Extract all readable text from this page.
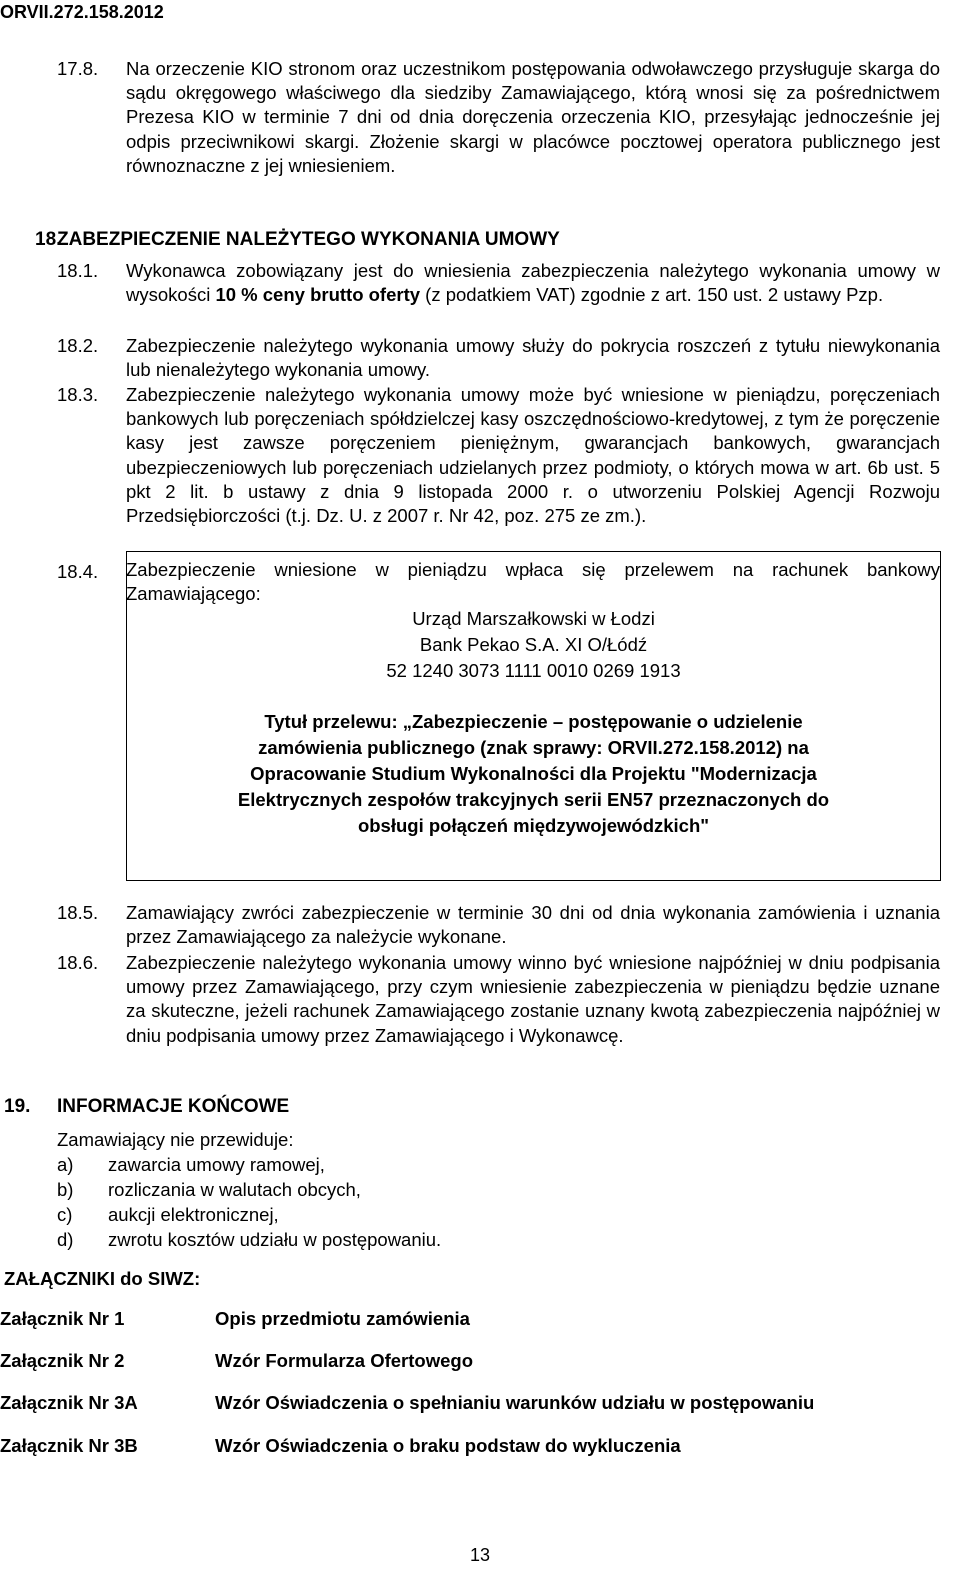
ORVII.272.158.2012
17.8. Na orzeczenie KIO stronom oraz uczestnikom postępowania odwoławczego przysługuje skarga do sądu okręgowego właściwego dla siedziby Zamawiającego, którą wnosi się za pośrednictwem Prezesa KIO w terminie 7 dni od dnia doręczenia orzeczenia KIO, przesyłając jednocześnie jej odpis przeciwnikowi skargi. Złożenie skargi w placówce pocztowej operatora publicznego jest równoznaczne z jej wniesieniem.
18.
ZABEZPIECZENIE NALEŻYTEGO WYKONANIA UMOWY
18.1. Wykonawca zobowiązany jest do wniesienia zabezpieczenia należytego wykonania umowy w wysokości 10 % ceny brutto oferty (z podatkiem VAT) zgodnie z art. 150 ust. 2 ustawy Pzp.
18.2. Zabezpieczenie należytego wykonania umowy służy do pokrycia roszczeń z tytułu niewykonania lub nienależytego wykonania umowy.
18.3. Zabezpieczenie należytego wykonania umowy może być wniesione w pieniądzu, poręczeniach bankowych lub poręczeniach spółdzielczej kasy oszczędnościowo-kredytowej, z tym że poręczenie kasy jest zawsze poręczeniem pieniężnym, gwarancjach bankowych, gwarancjach ubezpieczeniowych lub poręczeniach udzielanych przez podmioty, o których mowa w art. 6b ust. 5 pkt 2 lit. b ustawy z dnia 9 listopada 2000 r. o utworzeniu Polskiej Agencji Rozwoju Przedsiębiorczości (t.j. Dz. U. z 2007 r. Nr 42, poz. 275 ze zm.).
18.4. Zabezpieczenie wniesione w pieniądzu wpłaca się przelewem na rachunek bankowy Zamawiającego:
Urząd Marszałkowski w Łodzi
Bank Pekao S.A. XI O/Łódź
52 1240 3073 1111 0010 0269 1913
Tytuł przelewu: „Zabezpieczenie – postępowanie o udzielenie
zamówienia publicznego (znak sprawy: ORVII.272.158.2012) na
Opracowanie Studium Wykonalności dla Projektu "Modernizacja
Elektrycznych zespołów trakcyjnych serii EN57 przeznaczonych do
obsługi połączeń międzywojewódzkich"
18.5. Zamawiający zwróci zabezpieczenie w terminie 30 dni od dnia wykonania zamówienia i uznania przez Zamawiającego za należycie wykonane.
18.6. Zabezpieczenie należytego wykonania umowy winno być wniesione najpóźniej w dniu podpisania umowy przez Zamawiającego, przy czym wniesienie zabezpieczenia w pieniądzu będzie uznane za skuteczne, jeżeli rachunek Zamawiającego zostanie uznany kwotą zabezpieczenia najpóźniej w dniu podpisania umowy przez Zamawiającego i Wykonawcę.
19. INFORMACJE KOŃCOWE
Zamawiający nie przewiduje:
a) zawarcia umowy ramowej,
b) rozliczania w walutach obcych,
c) aukcji elektronicznej,
d) zwrotu kosztów udziału w postępowaniu.
ZAŁĄCZNIKI do SIWZ:
Załącznik Nr 1	Opis przedmiotu zamówienia
Załącznik Nr 2	Wzór Formularza Ofertowego
Załącznik Nr 3A	Wzór Oświadczenia o spełnianiu warunków udziału w postępowaniu
Załącznik Nr 3B	Wzór Oświadczenia o braku podstaw do wykluczenia
13
